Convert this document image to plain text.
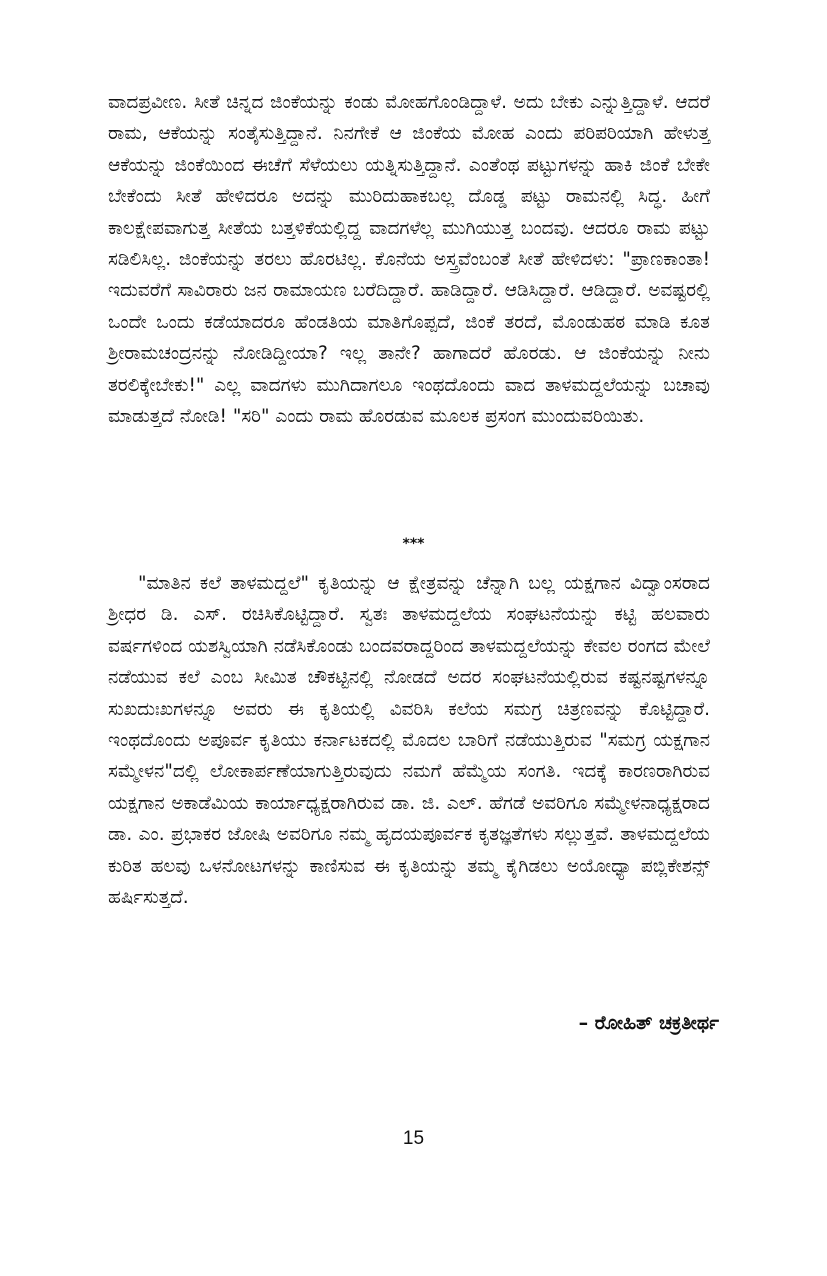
ವಾದಪ್ರವೀಣ. ಸೀತೆ ಚಿನ್ನದ ಜಿಂಕೆಯನ್ನು ಕಂಡು ಮೋಹಗೊಂಡಿದ್ದಾಳೆ. ಅದು ಬೇಕು ಎನ್ನುತ್ತಿದ್ದಾಳೆ. ಆದರೆ ರಾಮ, ಆಕೆಯನ್ನು ಸಂತೈಸುತ್ತಿದ್ದಾನೆ. ನಿನಗೇಕೆ ಆ ಜಿಂಕೆಯ ಮೋಹ ಎಂದು ಪರಿಪರಿಯಾಗಿ ಹೇಳುತ್ತ ಆಕೆಯನ್ನು ಜಿಂಕೆಯಿಂದ ಈಚೆಗೆ ಸೆಳೆಯಲು ಯತ್ನಿಸುತ್ತಿದ್ದಾನೆ. ಎಂತೆಂಥ ಪಟ್ಟುಗಳನ್ನು ಹಾಕಿ ಜಿಂಕೆ ಬೇಕೇ ಬೇಕೆಂದು ಸೀತೆ ಹೇಳಿದರೂ ಅದನ್ನು ಮುರಿದುಹಾಕಬಲ್ಲ ದೊಡ್ಡ ಪಟ್ಟು ರಾಮನಲ್ಲಿ ಸಿದ್ಧ. ಹೀಗೆ ಕಾಲಕ್ಷೇಪವಾಗುತ್ತ ಸೀತೆಯ ಬತ್ತಳಿಕೆಯಲ್ಲಿದ್ದ ವಾದಗಳೆಲ್ಲ ಮುಗಿಯುತ್ತ ಬಂದವು. ಆದರೂ ರಾಮ ಪಟ್ಟು ಸಡಿಲಿಸಿಲ್ಲ. ಜಿಂಕೆಯನ್ನು ತರಲು ಹೊರಟಿಲ್ಲ. ಕೊನೆಯ ಅಸ್ತ್ರವೆಂಬಂತೆ ಸೀತೆ ಹೇಳಿದಳು: "ಪ್ರಾಣಕಾಂತಾ! ಇದುವರೆಗೆ ಸಾವಿರಾರು ಜನ ರಾಮಾಯಣ ಬರೆದಿದ್ದಾರೆ. ಹಾಡಿದ್ದಾರೆ. ಆಡಿಸಿದ್ದಾರೆ. ಆಡಿದ್ದಾರೆ. ಅವಷ್ಟರಲ್ಲಿ ಒಂದೇ ಒಂದು ಕಡೆಯಾದರೂ ಹೆಂಡತಿಯ ಮಾತಿಗೊಪ್ಪದೆ, ಜಿಂಕೆ ತರದೆ, ಮೊಂಡುಹಠ ಮಾಡಿ ಕೂತ ಶ್ರೀರಾಮಚಂದ್ರನನ್ನು ನೋಡಿದ್ದೀಯಾ? ಇಲ್ಲ ತಾನೇ? ಹಾಗಾದರೆ ಹೊರಡು. ಆ ಜಿಂಕೆಯನ್ನು ನೀನು ತರಲಿಕ್ಕೇಬೇಕು!" ಎಲ್ಲ ವಾದಗಳು ಮುಗಿದಾಗಲೂ ಇಂಥದೊಂದು ವಾದ ತಾಳಮದ್ದಲೆಯನ್ನು ಬಚಾವು ಮಾಡುತ್ತದೆ ನೋಡಿ! "ಸರಿ" ಎಂದು ರಾಮ ಹೊರಡುವ ಮೂಲಕ ಪ್ರಸಂಗ ಮುಂದುವರಿಯಿತು.

***

"ಮಾತಿನ ಕಲೆ ತಾಳಮದ್ದಲೆ" ಕೃತಿಯನ್ನು ಆ ಕ್ಷೇತ್ರವನ್ನು ಚೆನ್ನಾಗಿ ಬಲ್ಲ ಯಕ್ಷಗಾನ ವಿದ್ವಾಂಸರಾದ ಶ್ರೀಧರ ಡಿ. ಎಸ್. ರಚಿಸಿಕೊಟ್ಟಿದ್ದಾರೆ. ಸ್ವತಃ ತಾಳಮದ್ದಲೆಯ ಸಂಘಟನೆಯನ್ನು ಕಟ್ಟಿ ಹಲವಾರು ವರ್ಷಗಳಿಂದ ಯಶಸ್ವಿಯಾಗಿ ನಡೆಸಿಕೊಂಡು ಬಂದವರಾದ್ದರಿಂದ ತಾಳಮದ್ದಲೆಯನ್ನು ಕೇವಲ ರಂಗದ ಮೇಲೆ ನಡೆಯುವ ಕಲೆ ಎಂಬ ಸೀಮಿತ ಚೌಕಟ್ಟಿನಲ್ಲಿ ನೋಡದೆ ಅದರ ಸಂಘಟನೆಯಲ್ಲಿರುವ ಕಷ್ಟನಷ್ಟಗಳನ್ನೂ ಸುಖದುಃಖಗಳನ್ನೂ ಅವರು ಈ ಕೃತಿಯಲ್ಲಿ ವಿವರಿಸಿ ಕಲೆಯ ಸಮಗ್ರ ಚಿತ್ರಣವನ್ನು ಕೊಟ್ಟಿದ್ದಾರೆ. ಇಂಥದೊಂದು ಅಪೂರ್ವ ಕೃತಿಯು ಕರ್ನಾಟಕದಲ್ಲಿ ಮೊದಲ ಬಾರಿಗೆ ನಡೆಯುತ್ತಿರುವ "ಸಮಗ್ರ ಯಕ್ಷಗಾನ ಸಮ್ಮೇಳನ"ದಲ್ಲಿ ಲೋಕಾರ್ಪಣೆಯಾಗುತ್ತಿರುವುದು ನಮಗೆ ಹೆಮ್ಮೆಯ ಸಂಗತಿ. ಇದಕ್ಕೆ ಕಾರಣರಾಗಿರುವ ಯಕ್ಷಗಾನ ಅಕಾಡೆಮಿಯ ಕಾರ್ಯಾಧ್ಯಕ್ಷರಾಗಿರುವ ಡಾ. ಜಿ. ಎಲ್. ಹೆಗಡೆ ಅವರಿಗೂ ಸಮ್ಮೇಳನಾಧ್ಯಕ್ಷರಾದ ಡಾ. ಎಂ. ಪ್ರಭಾಕರ ಜೋಷಿ ಅವರಿಗೂ ನಮ್ಮ ಹೃದಯಪೂರ್ವಕ ಕೃತಜ್ಞತೆಗಳು ಸಲ್ಲುತ್ತವೆ. ತಾಳಮದ್ದಲೆಯ ಕುರಿತ ಹಲವು ಒಳನೋಟಗಳನ್ನು ಕಾಣಿಸುವ ಈ ಕೃತಿಯನ್ನು ತಮ್ಮ ಕೈಗಿಡಲು ಅಯೋಧ್ಯಾ ಪಬ್ಲಿಕೇಶನ್ಸ್ ಹರ್ಷಿಸುತ್ತದೆ.

– ರೋಹಿತ್ ಚಕ್ರತೀರ್ಥ
15
